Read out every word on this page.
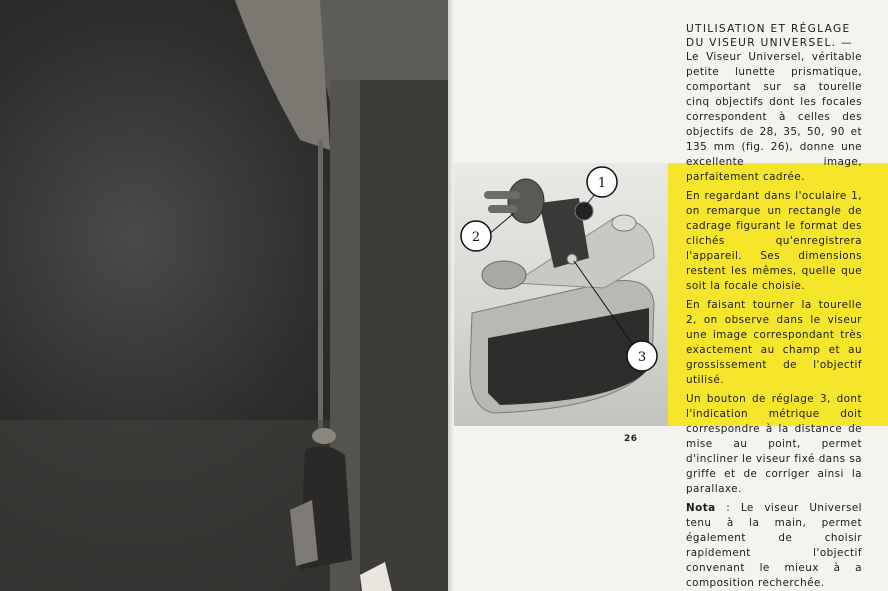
1
2
3
26

UTILISATION ET RÉGLAGE DU VISEUR UNIVERSEL. —

Le Viseur Universel, véritable petite lunette prismatique, comportant sur sa tourelle cinq objectifs dont les focales correspondent à celles des objectifs de 28, 35, 50, 90 et 135 mm (fig. 26), donne une excellente image, parfaitement cadrée.

En regardant dans l'oculaire 1, on remarque un rectangle de cadrage figurant le format des clichés qu'enregistrera l'appareil. Ses dimensions restent les mêmes, quelle que soit la focale choisie.

En faisant tourner la tourelle 2, on observe dans le viseur une image correspondant très exactement au champ et au grossissement de l'objectif utilisé.

Un bouton de réglage 3, dont l'indication métrique doit correspondre à la distance de mise au point, permet d'incliner le viseur fixé dans sa griffe et de corriger ainsi la parallaxe.

Nota : Le viseur Universel tenu à la main, permet également de choisir rapidement l'objectif convenant le mieux à a composition recherchée.
